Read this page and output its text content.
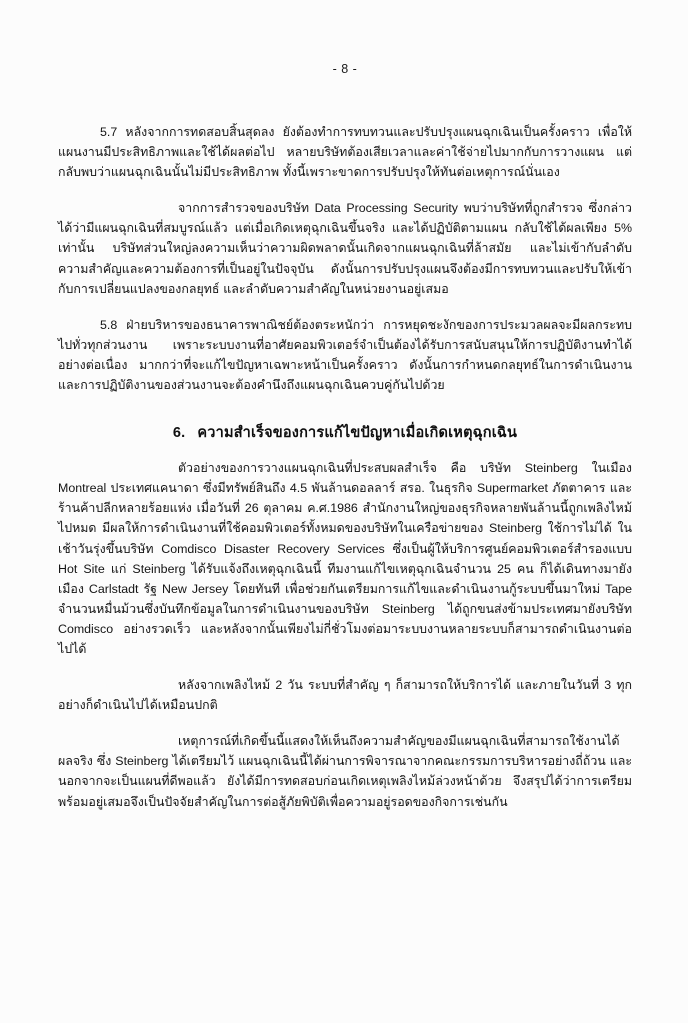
- 8 -

5.7 หลังจากการทดสอบสิ้นสุดลง ยังต้องทำการทบทวนและปรับปรุงแผนฉุกเฉินเป็นครั้งคราว เพื่อให้แผนงานมีประสิทธิภาพและใช้ได้ผลต่อไป หลายบริษัทต้องเสียเวลาและค่าใช้จ่ายไปมากกับการวางแผน แต่กลับพบว่าแผนฉุกเฉินนั้นไม่มีประสิทธิภาพ ทั้งนี้เพราะขาดการปรับปรุงให้ทันต่อเหตุการณ์นั่นเอง

จากการสำรวจของบริษัท Data Processing Security พบว่าบริษัทที่ถูกสำรวจ ซึ่งกล่าวได้ว่ามีแผนฉุกเฉินที่สมบูรณ์แล้ว แต่เมื่อเกิดเหตุฉุกเฉินขึ้นจริง และได้ปฏิบัติตามแผน กลับใช้ได้ผลเพียง 5% เท่านั้น บริษัทส่วนใหญ่ลงความเห็นว่าความผิดพลาดนั้นเกิดจากแผนฉุกเฉินที่ล้าสมัย และไม่เข้ากับลำดับความสำคัญและความต้องการที่เป็นอยู่ในปัจจุบัน ดังนั้นการปรับปรุงแผนจึงต้องมีการทบทวนและปรับให้เข้ากับการเปลี่ยนแปลงของกลยุทธ์ และลำดับความสำคัญในหน่วยงานอยู่เสมอ

5.8 ฝ่ายบริหารของธนาคารพาณิชย์ต้องตระหนักว่า การหยุดชะงักของการประมวลผลจะมีผลกระทบไปทั่วทุกส่วนงาน เพราะระบบงานที่อาศัยคอมพิวเตอร์จำเป็นต้องได้รับการสนับสนุนให้การปฏิบัติงานทำได้อย่างต่อเนื่อง มากกว่าที่จะแก้ไขปัญหาเฉพาะหน้าเป็นครั้งคราว ดังนั้นการกำหนดกลยุทธ์ในการดำเนินงานและการปฏิบัติงานของส่วนงานจะต้องคำนึงถึงแผนฉุกเฉินควบคู่กันไปด้วย

6. ความสำเร็จของการแก้ไขปัญหาเมื่อเกิดเหตุฉุกเฉิน

ตัวอย่างของการวางแผนฉุกเฉินที่ประสบผลสำเร็จ คือ บริษัท Steinberg ในเมือง Montreal ประเทศแคนาดา ซึ่งมีทรัพย์สินถึง 4.5 พันล้านดอลลาร์ สรอ. ในธุรกิจ Supermarket ภัตตาคาร และร้านค้าปลีกหลายร้อยแห่ง เมื่อวันที่ 26 ตุลาคม ค.ศ.1986 สำนักงานใหญ่ของธุรกิจหลายพันล้านนี้ถูกเพลิงไหม้ไปหมด มีผลให้การดำเนินงานที่ใช้คอมพิวเตอร์ทั้งหมดของบริษัทในเครือข่ายของ Steinberg ใช้การไม่ได้ ในเช้าวันรุ่งขึ้นบริษัท Comdisco Disaster Recovery Services ซึ่งเป็นผู้ให้บริการศูนย์คอมพิวเตอร์สำรองแบบ Hot Site แก่ Steinberg ได้รับแจ้งถึงเหตุฉุกเฉินนี้ ทีมงานแก้ไขเหตุฉุกเฉินจำนวน 25 คน ก็ได้เดินทางมายังเมือง Carlstadt รัฐ New Jersey โดยทันที เพื่อช่วยกันเตรียมการแก้ไขและดำเนินงานกู้ระบบขึ้นมาใหม่ Tape จำนวนหมื่นม้วนซึ่งบันทึกข้อมูลในการดำเนินงานของบริษัท Steinberg ได้ถูกขนส่งข้ามประเทศมายังบริษัท Comdisco อย่างรวดเร็ว และหลังจากนั้นเพียงไม่กี่ชั่วโมงต่อมาระบบงานหลายระบบก็สามารถดำเนินงานต่อไปได้

หลังจากเพลิงไหม้ 2 วัน ระบบที่สำคัญ ๆ ก็สามารถให้บริการได้ และภายในวันที่ 3 ทุกอย่างก็ดำเนินไปได้เหมือนปกติ

เหตุการณ์ที่เกิดขึ้นนี้แสดงให้เห็นถึงความสำคัญของมีแผนฉุกเฉินที่สามารถใช้งานได้ผลจริง ซึ่ง Steinberg ได้เตรียมไว้ แผนฉุกเฉินนี้ได้ผ่านการพิจารณาจากคณะกรรมการบริหารอย่างถี่ถ้วน และนอกจากจะเป็นแผนที่ดีพอแล้ว ยังได้มีการทดสอบก่อนเกิดเหตุเพลิงไหม้ล่วงหน้าด้วย จึงสรุปได้ว่าการเตรียมพร้อมอยู่เสมอจึงเป็นปัจจัยสำคัญในการต่อสู้ภัยพิบัติเพื่อความอยู่รอดของกิจการเช่นกัน
